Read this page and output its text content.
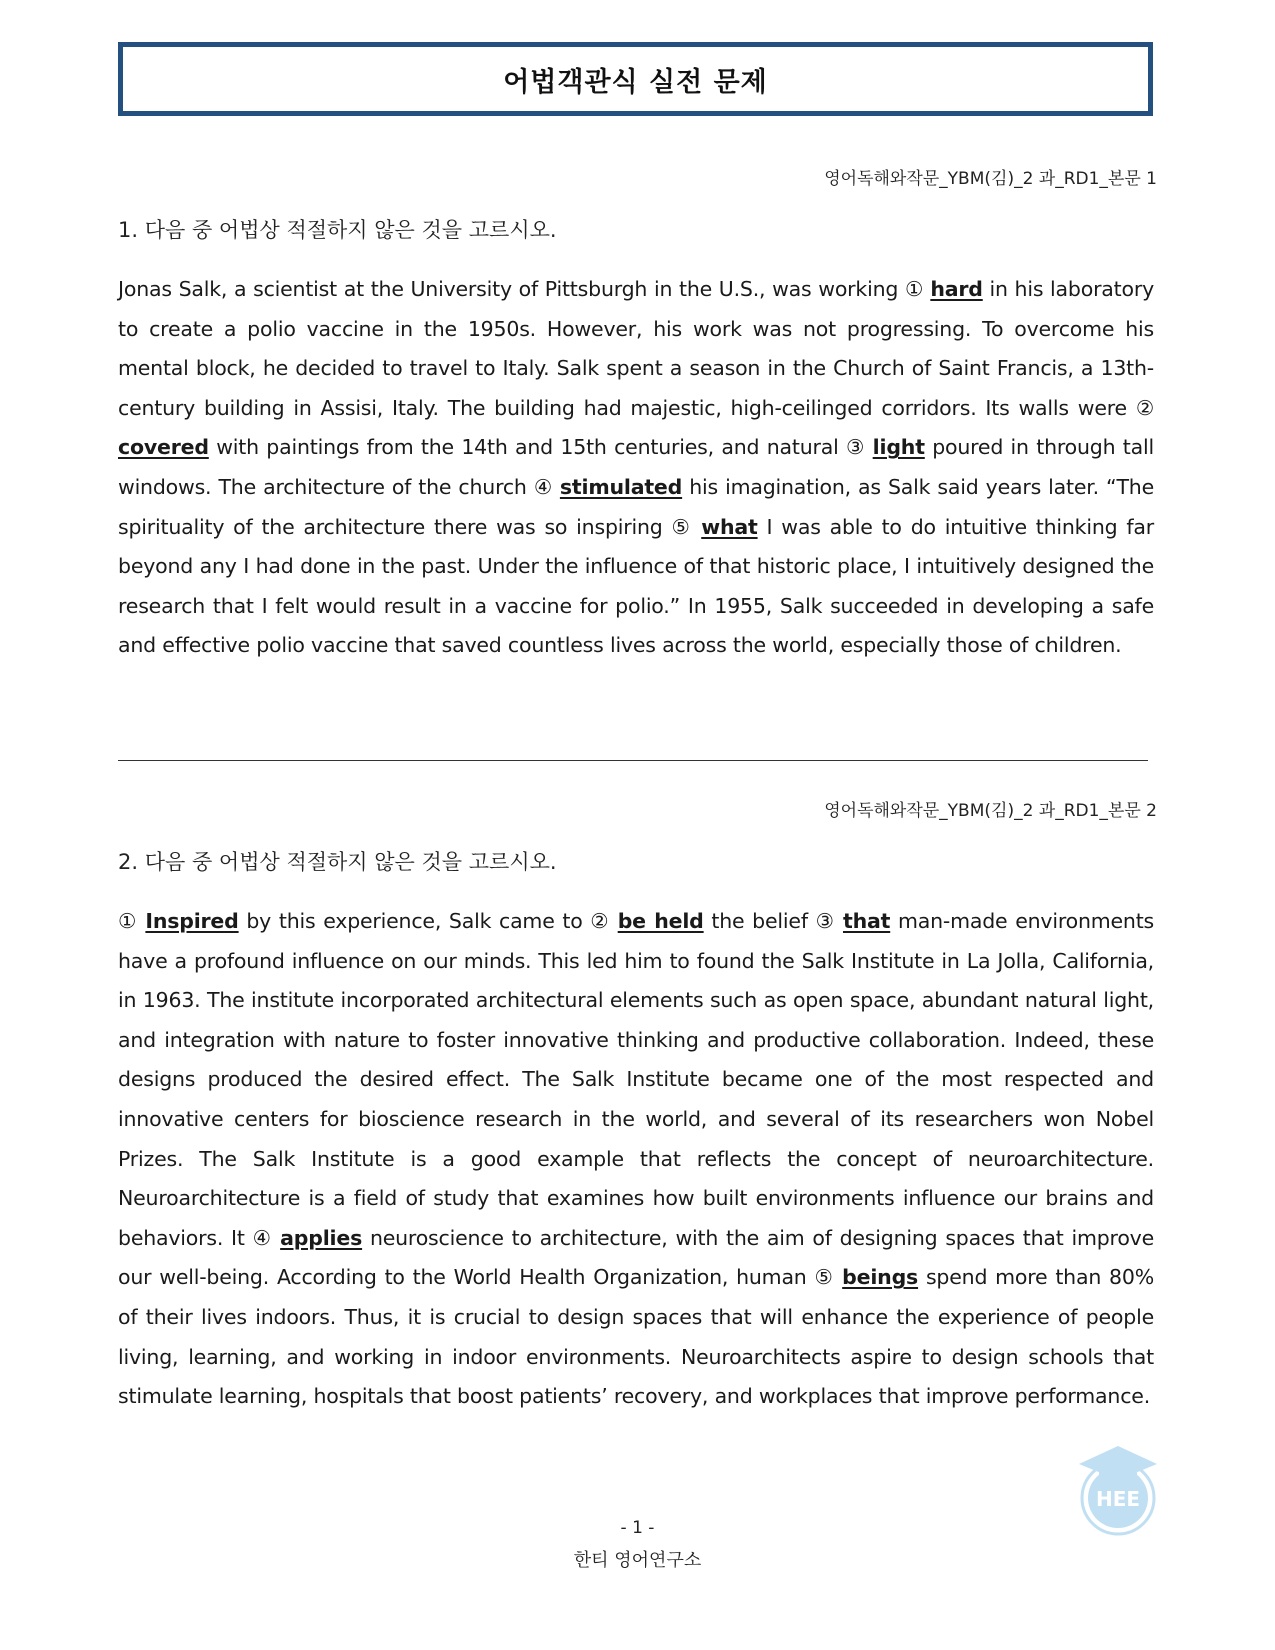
어법객관식 실전 문제
영어독해와작문_YBM(김)_2 과_RD1_본문 1
1. 다음 중 어법상 적절하지 않은 것을 고르시오.

Jonas Salk, a scientist at the University of Pittsburgh in the U.S., was working ① hard in his laboratory to create a polio vaccine in the 1950s. However, his work was not progressing. To overcome his mental block, he decided to travel to Italy. Salk spent a season in the Church of Saint Francis, a 13th-century building in Assisi, Italy. The building had majestic, high-ceilinged corridors. Its walls were ② covered with paintings from the 14th and 15th centuries, and natural ③ light poured in through tall windows. The architecture of the church ④ stimulated his imagination, as Salk said years later. “The spirituality of the architecture there was so inspiring ⑤ what I was able to do intuitive thinking far beyond any I had done in the past. Under the influence of that historic place, I intuitively designed the research that I felt would result in a vaccine for polio.” In 1955, Salk succeeded in developing a safe and effective polio vaccine that saved countless lives across the world, especially those of children.

영어독해와작문_YBM(김)_2 과_RD1_본문 2
2. 다음 중 어법상 적절하지 않은 것을 고르시오.

① Inspired by this experience, Salk came to ② be held the belief ③ that man-made environments have a profound influence on our minds. This led him to found the Salk Institute in La Jolla, California, in 1963. The institute incorporated architectural elements such as open space, abundant natural light, and integration with nature to foster innovative thinking and productive collaboration. Indeed, these designs produced the desired effect. The Salk Institute became one of the most respected and innovative centers for bioscience research in the world, and several of its researchers won Nobel Prizes. The Salk Institute is a good example that reflects the concept of neuroarchitecture. Neuroarchitecture is a field of study that examines how built environments influence our brains and behaviors. It ④ applies neuroscience to architecture, with the aim of designing spaces that improve our well-being. According to the World Health Organization, human ⑤ beings spend more than 80% of their lives indoors. Thus, it is crucial to design spaces that will enhance the experience of people living, learning, and working in indoor environments. Neuroarchitects aspire to design schools that stimulate learning, hospitals that boost patients’ recovery, and workplaces that improve performance.

HEE
- 1 -
한티 영어연구소
